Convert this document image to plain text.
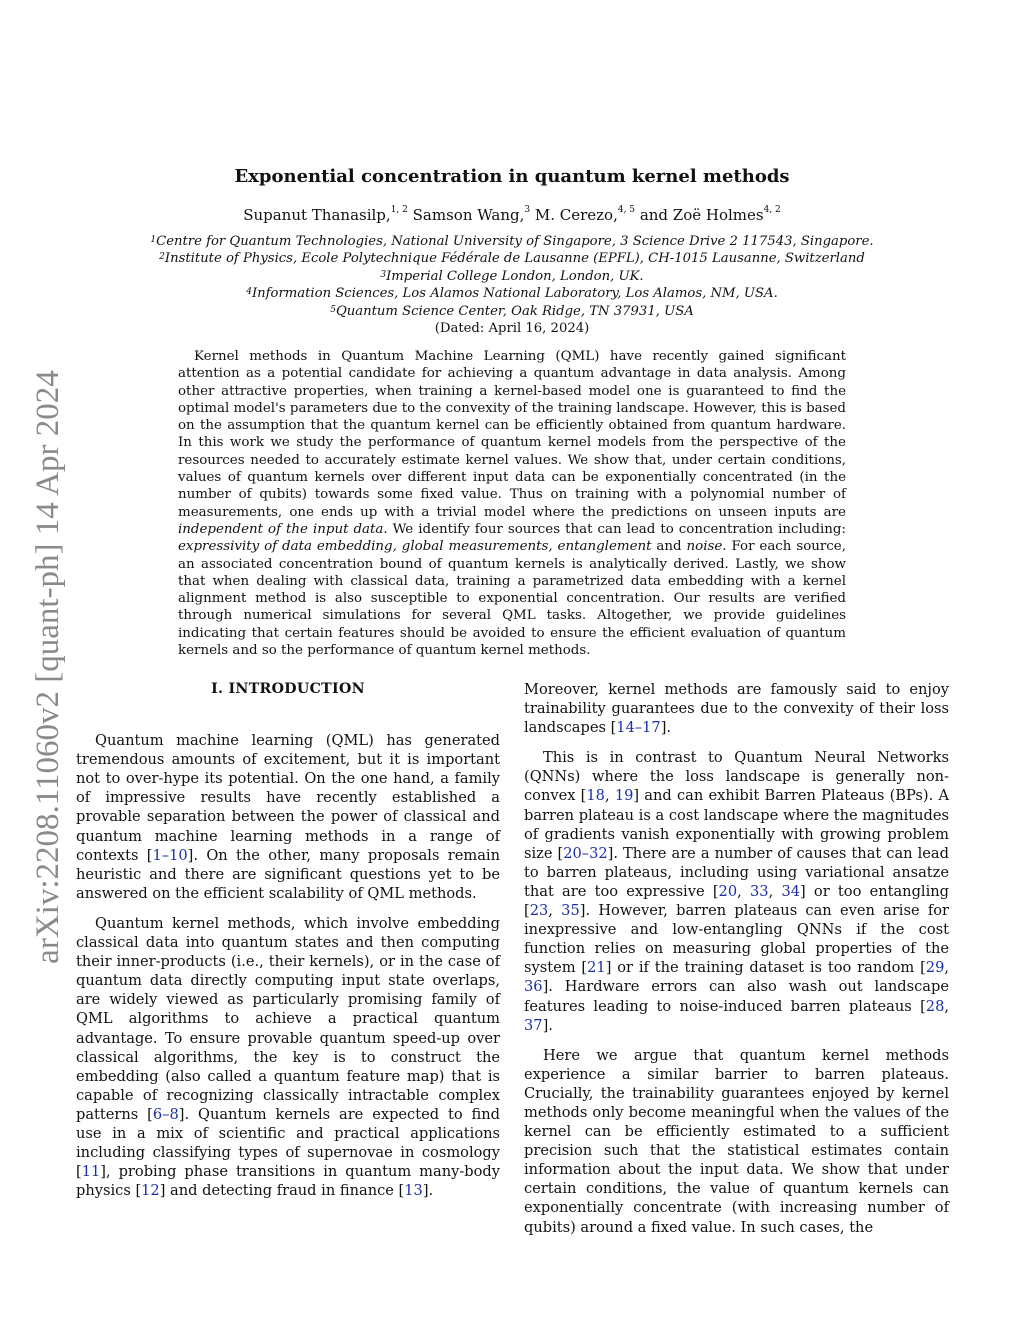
arXiv:2208.11060v2 [quant-ph] 14 Apr 2024
Exponential concentration in quantum kernel methods
Supanut Thanasilp,$^{1, 2}$ Samson Wang,$^3$ M. Cerezo,$^{4, 5}$ and Zoë Holmes$^{4, 2}$
$^1$Centre for Quantum Technologies, National University of Singapore, 3 Science Drive 2 117543, Singapore.
$^2$Institute of Physics, Ecole Polytechnique Fédérale de Lausanne (EPFL), CH-1015 Lausanne, Switzerland
$^3$Imperial College London, London, UK.
$^4$Information Sciences, Los Alamos National Laboratory, Los Alamos, NM, USA.
$^5$Quantum Science Center, Oak Ridge, TN 37931, USA
(Dated: April 16, 2024)
Kernel methods in Quantum Machine Learning (QML) have recently gained significant attention as a potential candidate for achieving a quantum advantage in data analysis. Among other attractive properties, when training a kernel-based model one is guaranteed to find the optimal model's parameters due to the convexity of the training landscape. However, this is based on the assumption that the quantum kernel can be efficiently obtained from quantum hardware. In this work we study the performance of quantum kernel models from the perspective of the resources needed to accurately estimate kernel values. We show that, under certain conditions, values of quantum kernels over different input data can be exponentially concentrated (in the number of qubits) towards some fixed value. Thus on training with a polynomial number of measurements, one ends up with a trivial model where the predictions on unseen inputs are independent of the input data. We identify four sources that can lead to concentration including: expressivity of data embedding, global measurements, entanglement and noise. For each source, an associated concentration bound of quantum kernels is analytically derived. Lastly, we show that when dealing with classical data, training a parametrized data embedding with a kernel alignment method is also susceptible to exponential concentration. Our results are verified through numerical simulations for several QML tasks. Altogether, we provide guidelines indicating that certain features should be avoided to ensure the efficient evaluation of quantum kernels and so the performance of quantum kernel methods.
I. INTRODUCTION

Quantum machine learning (QML) has generated tremendous amounts of excitement, but it is important not to over-hype its potential. On the one hand, a family of impressive results have recently established a provable separation between the power of classical and quantum machine learning methods in a range of contexts [1–10]. On the other, many proposals remain heuristic and there are significant questions yet to be answered on the efficient scalability of QML methods.

Quantum kernel methods, which involve embedding classical data into quantum states and then computing their inner-products (i.e., their kernels), or in the case of quantum data directly computing input state overlaps, are widely viewed as particularly promising family of QML algorithms to achieve a practical quantum advantage. To ensure provable quantum speed-up over classical algorithms, the key is to construct the embedding (also called a quantum feature map) that is capable of recognizing classically intractable complex patterns [6–8]. Quantum kernels are expected to find use in a mix of scientific and practical applications including classifying types of supernovae in cosmology [11], probing phase transitions in quantum many-body physics [12] and detecting fraud in finance [13].

Moreover, kernel methods are famously said to enjoy trainability guarantees due to the convexity of their loss landscapes [14–17].

This is in contrast to Quantum Neural Networks (QNNs) where the loss landscape is generally non-convex [18, 19] and can exhibit Barren Plateaus (BPs). A barren plateau is a cost landscape where the magnitudes of gradients vanish exponentially with growing problem size [20–32]. There are a number of causes that can lead to barren plateaus, including using variational ansatze that are too expressive [20, 33, 34] or too entangling [23, 35]. However, barren plateaus can even arise for inexpressive and low-entangling QNNs if the cost function relies on measuring global properties of the system [21] or if the training dataset is too random [29, 36]. Hardware errors can also wash out landscape features leading to noise-induced barren plateaus [28, 37].

Here we argue that quantum kernel methods experience a similar barrier to barren plateaus. Crucially, the trainability guarantees enjoyed by kernel methods only become meaningful when the values of the kernel can be efficiently estimated to a sufficient precision such that the statistical estimates contain information about the input data. We show that under certain conditions, the value of quantum kernels can exponentially concentrate (with increasing number of qubits) around a fixed value. In such cases, the
